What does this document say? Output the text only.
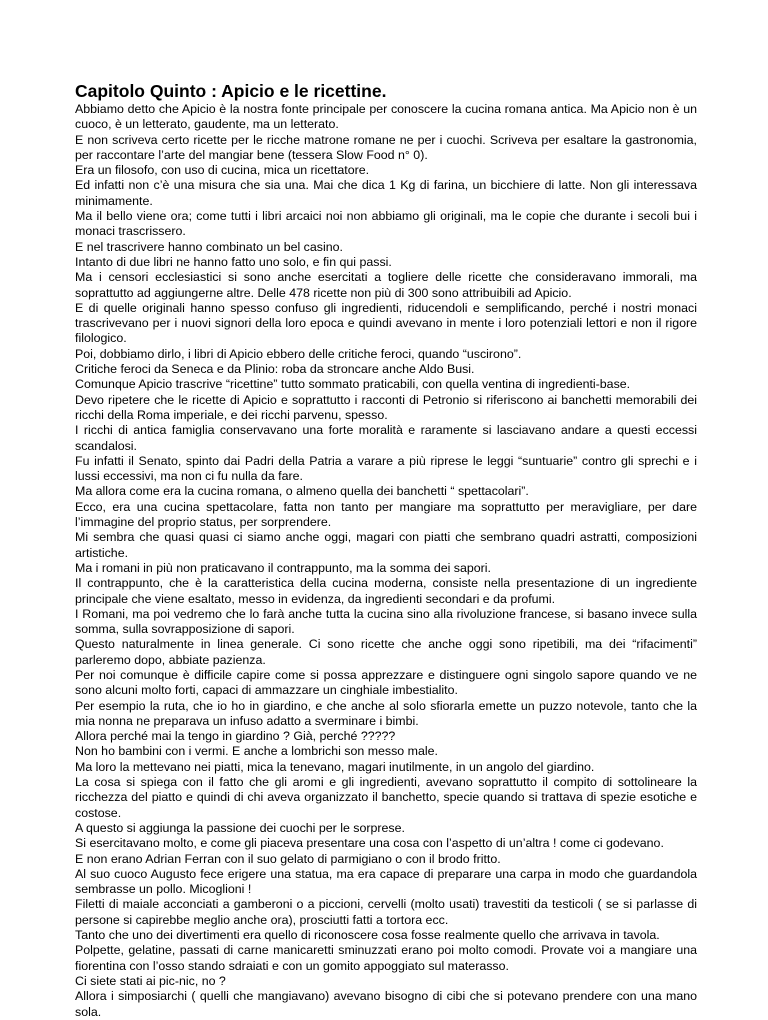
Capitolo Quinto : Apicio e le ricettine.

Abbiamo detto che Apicio è la nostra fonte principale per conoscere la cucina romana antica. Ma Apicio non è un cuoco, è un letterato, gaudente, ma un letterato.

E non scriveva certo ricette per le ricche matrone romane ne per i cuochi. Scriveva per esaltare la gastronomia, per raccontare l’arte del mangiar bene (tessera Slow Food n° 0).

Era un filosofo, con uso di cucina, mica un ricettatore.

Ed infatti non c’è una misura che sia una. Mai che dica 1 Kg di farina, un bicchiere di latte. Non gli interessava minimamente.

Ma il bello viene ora; come tutti i libri arcaici noi non abbiamo gli originali, ma le copie che durante i secoli bui i monaci trascrissero.

E nel trascrivere hanno combinato un bel casino.

Intanto di due libri ne hanno fatto uno solo, e fin qui passi.

Ma i censori ecclesiastici si sono anche esercitati a togliere delle ricette che consideravano immorali, ma soprattutto ad aggiungerne altre. Delle 478 ricette non più di 300 sono attribuibili ad Apicio.

E di quelle originali hanno spesso confuso gli ingredienti, riducendoli e semplificando, perché i nostri monaci trascrivevano per i nuovi signori della loro epoca e quindi avevano in mente i loro potenziali lettori e non il rigore filologico.

Poi, dobbiamo dirlo, i libri di Apicio ebbero delle critiche feroci, quando “uscirono”.

Critiche feroci da Seneca e da Plinio: roba da stroncare anche Aldo Busi.

Comunque Apicio trascrive “ricettine” tutto sommato praticabili, con quella ventina di ingredienti-base.

Devo ripetere che le ricette di Apicio e soprattutto i racconti di Petronio si riferiscono ai banchetti memorabili dei ricchi della Roma imperiale, e dei ricchi parvenu, spesso.

I ricchi di antica famiglia conservavano una forte moralità e raramente si lasciavano andare a questi eccessi scandalosi.

Fu infatti il Senato, spinto dai Padri della Patria a varare a più riprese le leggi “suntuarie” contro gli sprechi e i lussi eccessivi, ma non ci fu nulla da fare.

Ma allora come era la cucina romana, o almeno quella dei banchetti “ spettacolari”.

Ecco, era una cucina spettacolare, fatta non tanto per mangiare ma soprattutto per meravigliare, per dare l’immagine del proprio status, per sorprendere.

Mi sembra che quasi quasi ci siamo anche oggi, magari con piatti che sembrano quadri astratti, composizioni artistiche.

Ma i romani in più non praticavano il contrappunto, ma la somma dei sapori.

Il contrappunto, che è la caratteristica della cucina moderna, consiste nella presentazione di un ingrediente principale che viene esaltato, messo in evidenza, da ingredienti secondari e da profumi.

I Romani, ma poi vedremo che lo farà anche tutta la cucina sino alla rivoluzione francese, si basano invece sulla somma, sulla sovrapposizione di sapori.

Questo naturalmente in linea generale. Ci sono ricette che anche oggi sono ripetibili, ma dei “rifacimenti” parleremo dopo, abbiate pazienza.

Per noi comunque è difficile capire come si possa apprezzare e distinguere ogni singolo sapore quando ve ne sono alcuni molto forti, capaci di ammazzare un cinghiale imbestialito.

Per esempio la ruta, che io ho in giardino, e che anche al solo sfiorarla emette un puzzo notevole, tanto che la mia nonna ne preparava un infuso adatto a sverminare i bimbi.

Allora perché mai la tengo in giardino ? Già, perché ?????

Non ho bambini con i vermi. E anche a lombrichi son messo male.

Ma loro la mettevano nei piatti, mica la tenevano, magari inutilmente, in un angolo del giardino.

La cosa si spiega con il fatto che gli aromi e gli ingredienti, avevano soprattutto il compito di sottolineare la ricchezza del piatto e quindi di chi aveva organizzato il banchetto, specie quando si trattava di spezie esotiche e costose.

A questo si aggiunga la passione dei cuochi per le sorprese.

Si esercitavano molto, e come gli piaceva presentare una cosa con l’aspetto di un’altra ! come ci godevano.

E non erano Adrian Ferran con il suo gelato di parmigiano o con il brodo fritto.

Al suo cuoco Augusto fece erigere una statua, ma era capace di preparare una carpa in modo che guardandola sembrasse un pollo. Micoglioni !

Filetti di maiale acconciati a gamberoni o a piccioni, cervelli (molto usati) travestiti da testicoli ( se si parlasse di persone si capirebbe meglio anche ora), prosciutti fatti a tortora ecc.

Tanto che uno dei divertimenti era quello di riconoscere cosa fosse realmente quello che arrivava in tavola.

Polpette, gelatine, passati di carne manicaretti sminuzzati erano poi molto comodi. Provate voi a mangiare una fiorentina con l’osso stando sdraiati e con un gomito appoggiato sul materasso.

Ci siete stati ai pic-nic, no ?

Allora i simposiarchi ( quelli che mangiavano) avevano bisogno di cibi che si potevano prendere con una mano sola.
